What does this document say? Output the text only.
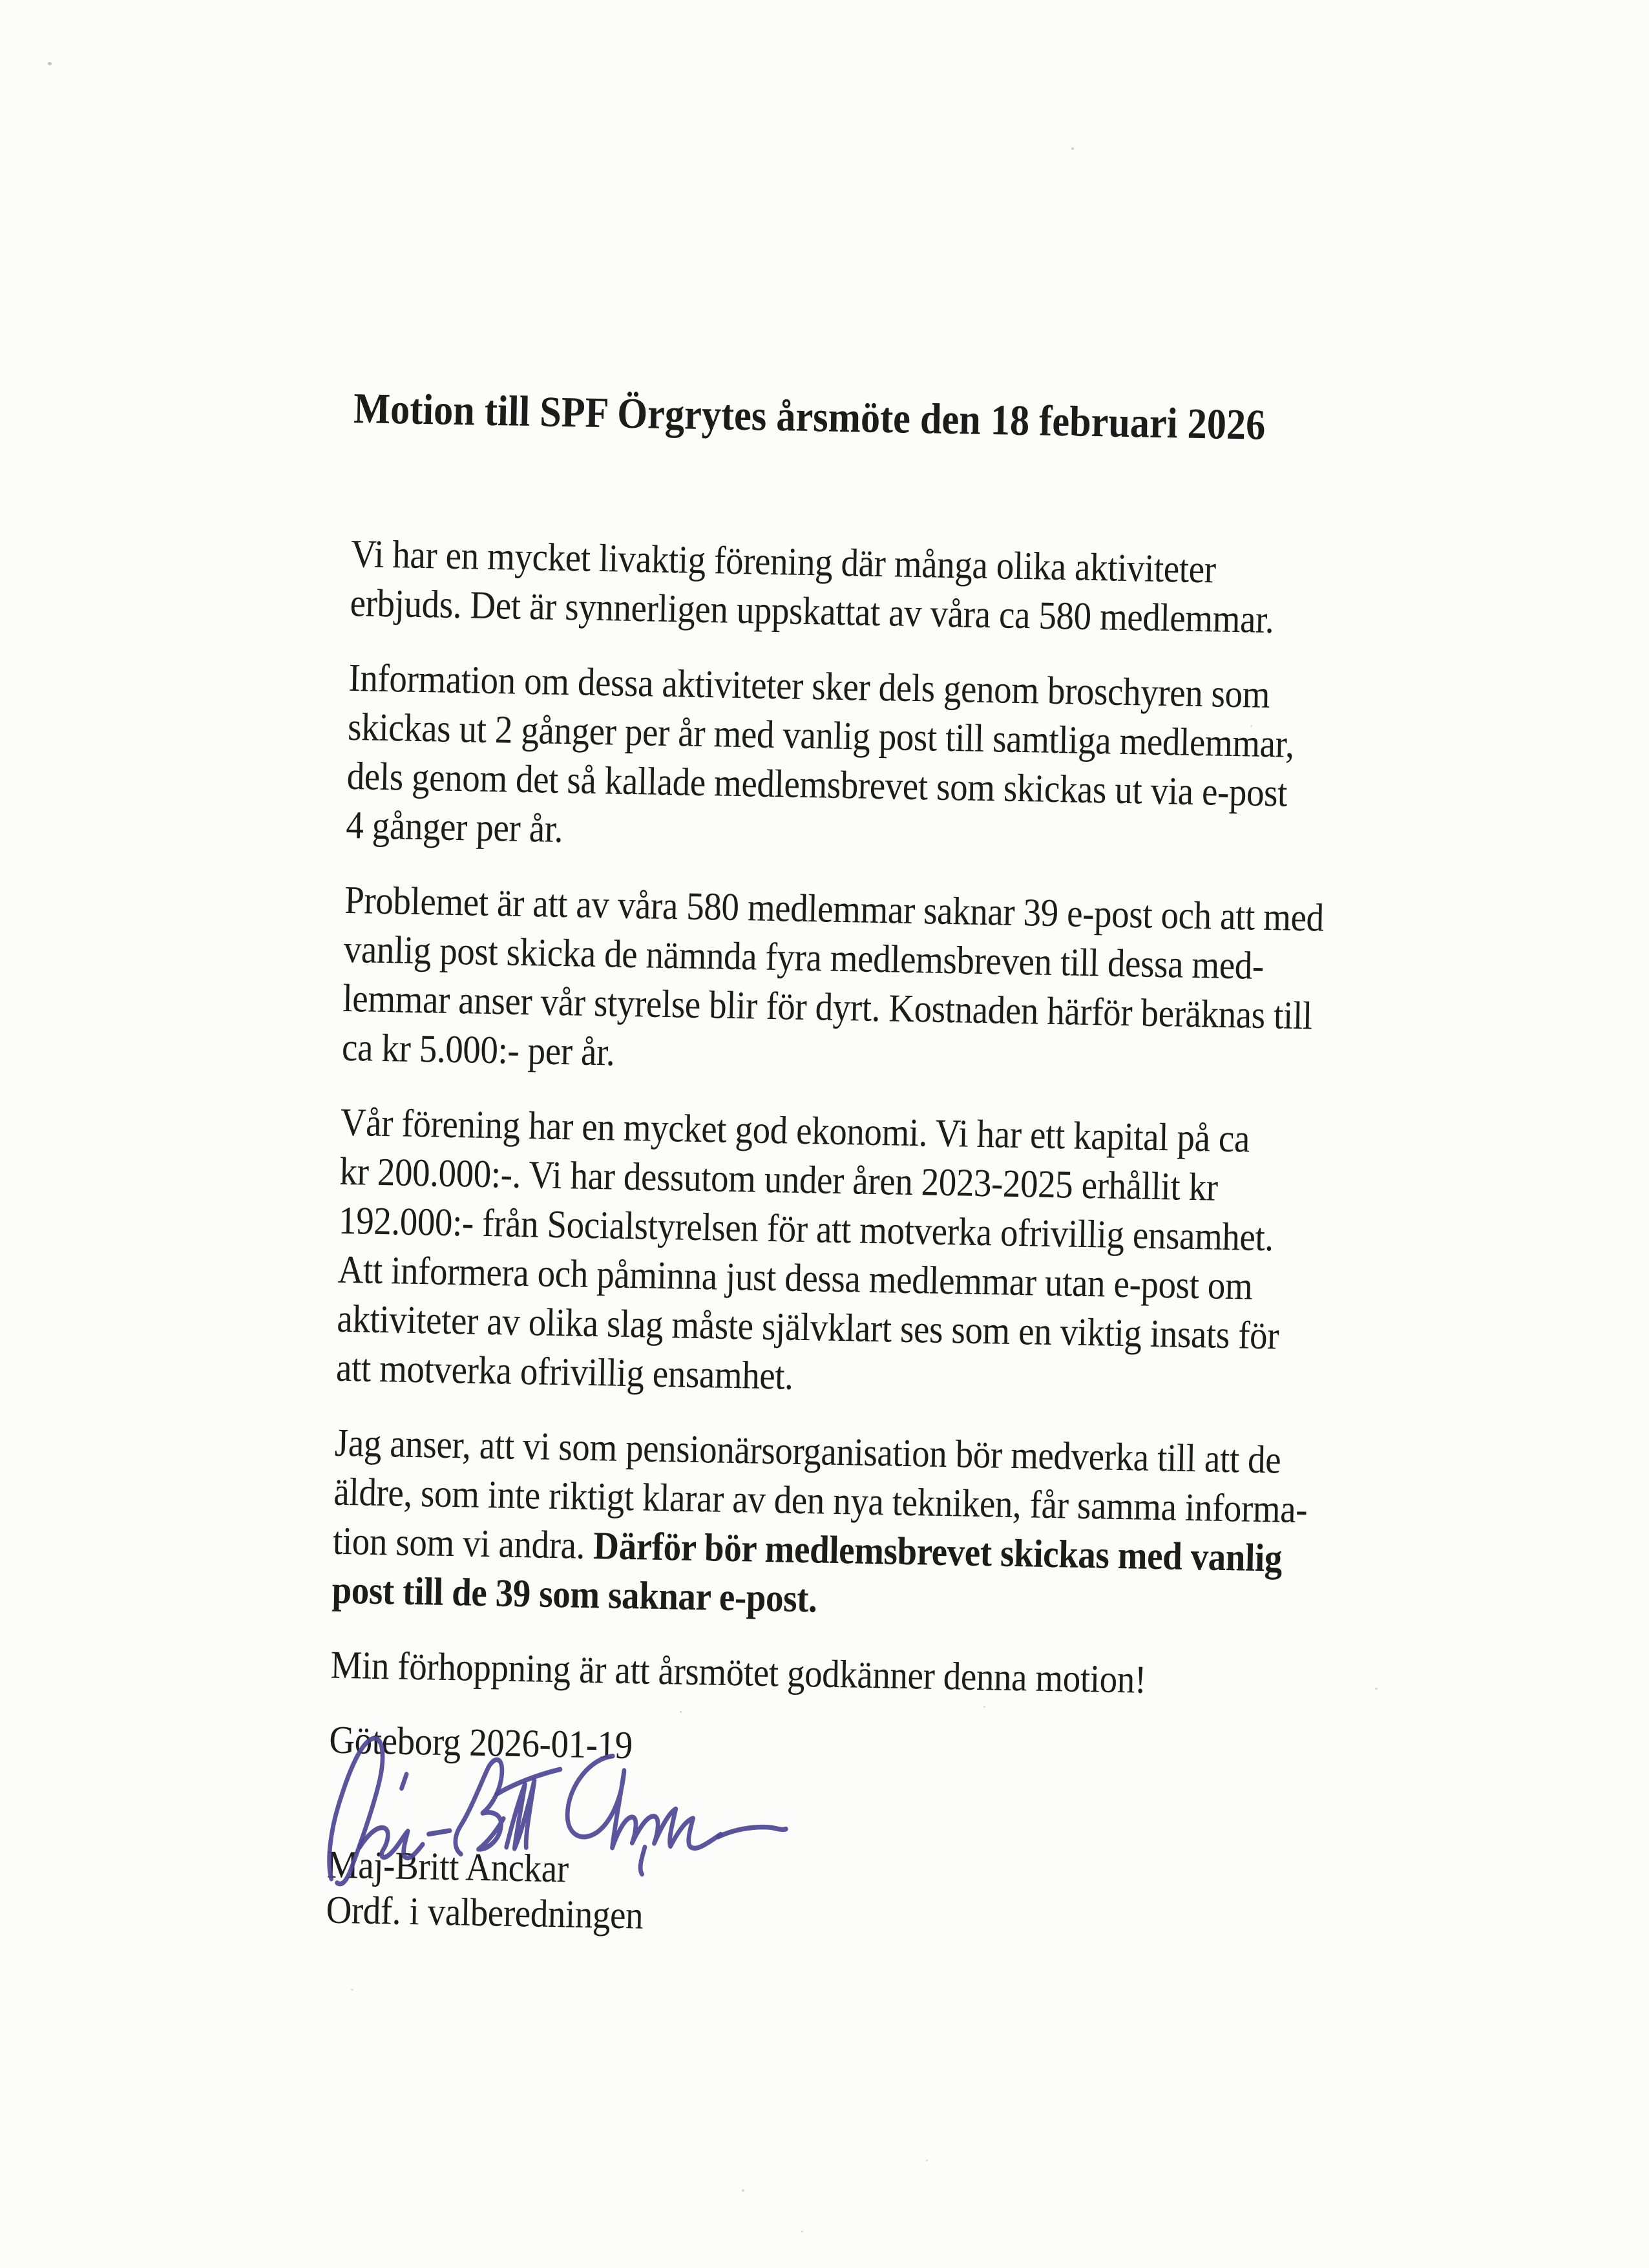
Motion till SPF Örgrytes årsmöte den 18 februari 2026
Vi har en mycket livaktig förening där många olika aktiviteter
erbjuds. Det är synnerligen uppskattat av våra ca 580 medlemmar.
Information om dessa aktiviteter sker dels genom broschyren som
skickas ut 2 gånger per år med vanlig post till samtliga medlemmar,
dels genom det så kallade medlemsbrevet som skickas ut via e-post
4 gånger per år.
Problemet är att av våra 580 medlemmar saknar 39 e-post och att med
vanlig post skicka de nämnda fyra medlemsbreven till dessa med-
lemmar anser vår styrelse blir för dyrt. Kostnaden härför beräknas till
ca kr 5.000:- per år.
Vår förening har en mycket god ekonomi. Vi har ett kapital på ca
kr 200.000:-. Vi har dessutom under åren 2023-2025 erhållit kr
192.000:- från Socialstyrelsen för att motverka ofrivillig ensamhet.
Att informera och påminna just dessa medlemmar utan e-post om
aktiviteter av olika slag måste självklart ses som en viktig insats för
att motverka ofrivillig ensamhet.
Jag anser, att vi som pensionärsorganisation bör medverka till att de
äldre, som inte riktigt klarar av den nya tekniken, får samma informa-
tion som vi andra. Därför bör medlemsbrevet skickas med vanlig
post till de 39 som saknar e-post.
Min förhoppning är att årsmötet godkänner denna motion!
Göteborg 2026-01-19
Maj-Britt Anckar
Ordf. i valberedningen
